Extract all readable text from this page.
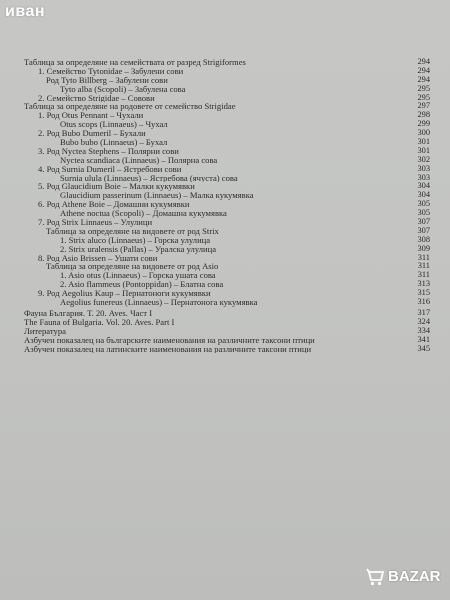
иван
Таблица за определяне на семействата от разред Strigiformes	294
1. Семейство Tytonidae – Забулени сови	294
Род Tyto Billberg – Забулени сови	294
Tyto alba (Scopoli) – Забулена сова	295
2. Семейство Strigidae – Совови	295
Таблица за определяне на родовете от семейство Strigidae	297
1. Род Otus Pennant – Чухали	298
Otus scops (Linnaeus) – Чухал	299
2. Род Bubo Dumeril – Бухали	300
Bubo bubo (Linnaeus) – Бухал	301
3. Род Nyctea Stephens – Полярни сови	301
Nyctea scandiaca (Linnaeus) – Полярна сова	302
4. Род Surnia Dumeril – Ястребови сови	303
Surnia ulula (Linnaeus) – Ястребова (ячуста) сова	303
5. Род Glaucidium Boie – Малки кукумявки	304
Glaucidium passerinum (Linnaeus) – Малка кукумявка	304
6. Род Athene Boie – Домашни кукумявки	305
Athene noctua (Scopoli) – Домашна кукумявка	305
7. Род Strix Linnaeus – Улулици	307
Таблица за определяне на видовете от род Strix	307
1. Strix aluco (Linnaeus) – Горска улулица	308
2. Strix uralensis (Pallas) – Уралска улулица	309
8. Род Asio Brissen – Ушати сови	311
Таблица за определяне на видовете от род Asio	311
1. Asio otus (Linnaeus) – Горска ушата сова	311
2. Asio flammeus (Pontoppidan) – Блатна сова	313
9. Род Aegolius Kaup – Пернатоноги кукумявки	315
Aegolius funereus (Linnaeus) – Пернатонога кукумявка	316
Фауна България. Т. 20. Aves. Част I	317
The Fauna of Bulgaria. Vol. 20. Aves. Part I	324
Литература	334
Азбучен показалец на българските наименования на различните таксони птици	341
Азбучен показалец на латинските наименования на различните таксони птици	345
BAZAR
